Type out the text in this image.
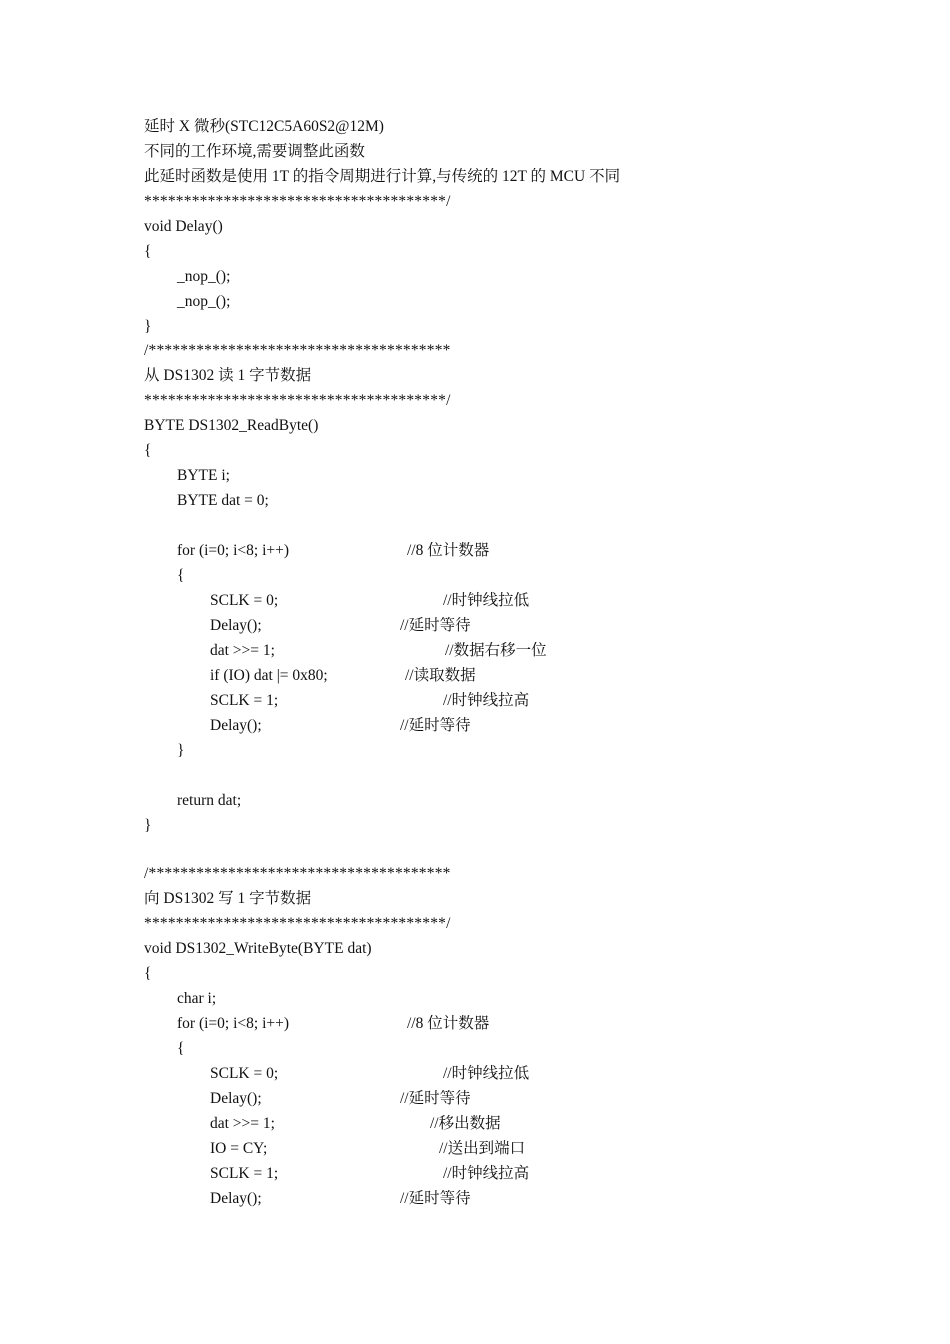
延时 X 微秒(STC12C5A60S2@12M)
不同的工作环境,需要调整此函数
此延时函数是使用 1T 的指令周期进行计算,与传统的 12T 的 MCU 不同
**************************************/
void Delay()
{
_nop_();
_nop_();
}
/**************************************
从 DS1302 读 1 字节数据
**************************************/
BYTE DS1302_ReadByte()
{
BYTE i;
BYTE dat = 0;
for (i=0; i<8; i++)	//8 位计数器
{
SCLK = 0;	//时钟线拉低
Delay();	//延时等待
dat >>= 1;	//数据右移一位
if (IO) dat |= 0x80;	//读取数据
SCLK = 1;	//时钟线拉高
Delay();	//延时等待
}
return dat;
}
/**************************************
向 DS1302 写 1 字节数据
**************************************/
void DS1302_WriteByte(BYTE dat)
{
char i;
for (i=0; i<8; i++)	//8 位计数器
{
SCLK = 0;	//时钟线拉低
Delay();	//延时等待
dat >>= 1;	//移出数据
IO = CY;	//送出到端口
SCLK = 1;	//时钟线拉高
Delay();	//延时等待
